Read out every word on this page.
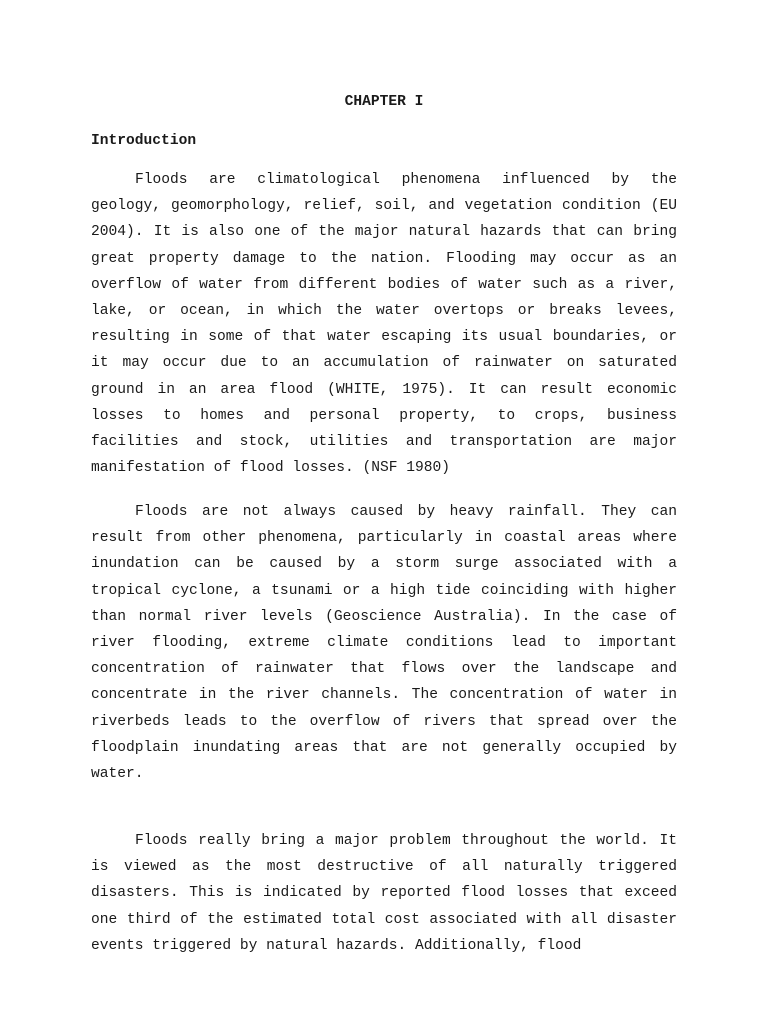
CHAPTER I
Introduction

Floods are climatological phenomena influenced by the geology, geomorphology, relief, soil, and vegetation condition (EU 2004). It is also one of the major natural hazards that can bring great property damage to the nation. Flooding may occur as an overflow of water from different bodies of water such as a river, lake, or ocean, in which the water overtops or breaks levees, resulting in some of that water escaping its usual boundaries, or it may occur due to an accumulation of rainwater on saturated ground in an area flood (WHITE, 1975). It can result economic losses to homes and personal property, to crops, business facilities and stock, utilities and transportation are major manifestation of flood losses. (NSF 1980)

Floods are not always caused by heavy rainfall. They can result from other phenomena, particularly in coastal areas where inundation can be caused by a storm surge associated with a tropical cyclone, a tsunami or a high tide coinciding with higher than normal river levels (Geoscience Australia). In the case of river flooding, extreme climate conditions lead to important concentration of rainwater that flows over the landscape and concentrate in the river channels. The concentration of water in riverbeds leads to the overflow of rivers that spread over the floodplain inundating areas that are not generally occupied by water.

Floods really bring a major problem throughout the world. It is viewed as the most destructive of all naturally triggered disasters. This is indicated by reported flood losses that exceed one third of the estimated total cost associated with all disaster events triggered by natural hazards. Additionally, flood
